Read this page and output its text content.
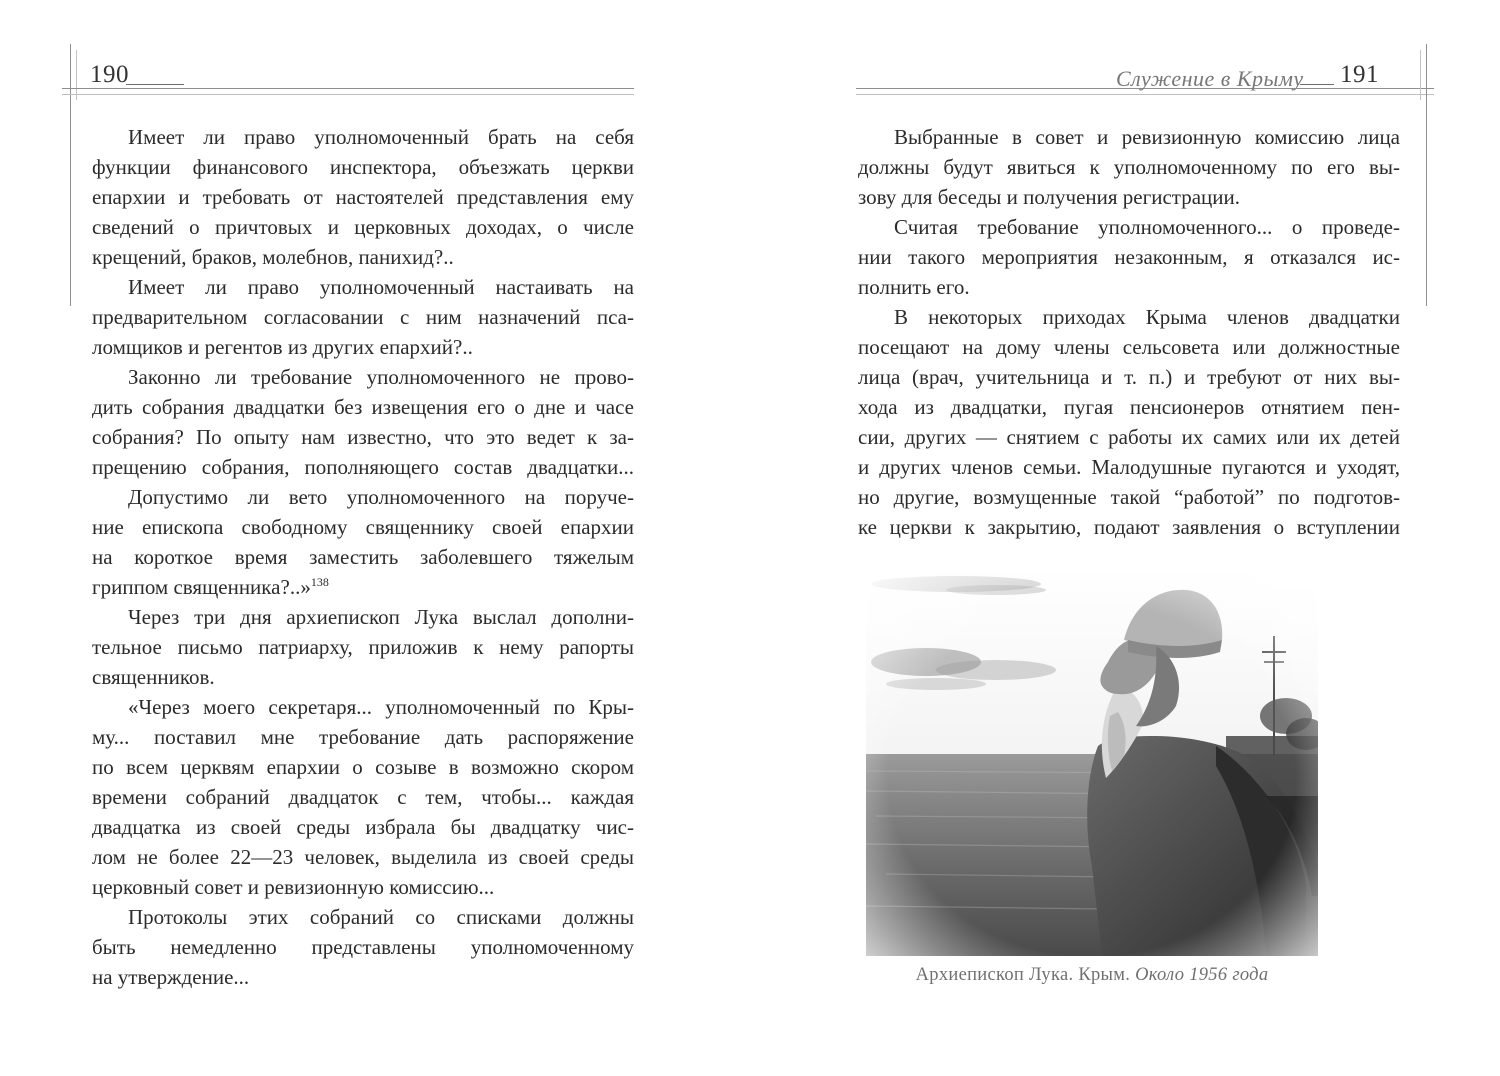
190	Служение в Крыму 191
Имеет ли право уполномоченный брать на себя
функции финансового инспектора, объезжать церкви
епархии и требовать от настоятелей представления ему
сведений о причтовых и церковных доходах, о числе
крещений, браков, молебнов, панихид?..
Имеет ли право уполномоченный настаивать на
предварительном согласовании с ним назначений пса-
ломщиков и регентов из других епархий?..
Законно ли требование уполномоченного не прово-
дить собрания двадцатки без извещения его о дне и часе
собрания? По опыту нам известно, что это ведет к за-
прещению собрания, пополняющего состав двадцатки...
Допустимо ли вето уполномоченного на поруче-
ние епископа свободному священнику своей епархии
на короткое время заместить заболевшего тяжелым
гриппом священника?..»$^{138}$
Через три дня архиепископ Лука выслал дополни-
тельное письмо патриарху, приложив к нему рапорты
священников.
«Через моего секретаря... уполномоченный по Кры-
му... поставил мне требование дать распоряжение
по всем церквям епархии о созыве в возможно скором
времени собраний двадцаток с тем, чтобы... каждая
двадцатка из своей среды избрала бы двадцатку чис-
лом не более 22—23 человек, выделила из своей среды
церковный совет и ревизионную комиссию...
Протоколы этих собраний со списками должны
быть немедленно представлены уполномоченному
на утверждение...
Выбранные в совет и ревизионную комиссию лица
должны будут явиться к уполномоченному по его вы-
зову для беседы и получения регистрации.
Считая требование уполномоченного... о проведе-
нии такого мероприятия незаконным, я отказался ис-
полнить его.
В некоторых приходах Крыма членов двадцатки
посещают на дому члены сельсовета или должностные
лица (врач, учительница и т. п.) и требуют от них вы-
хода из двадцатки, пугая пенсионеров отнятием пен-
сии, других — снятием с работы их самих или их детей
и других членов семьи. Малодушные пугаются и уходят,
но другие, возмущенные такой “работой” по подготов-
ке церкви к закрытию, подают заявления о вступлении
Архиепископ Лука. Крым. Около 1956 года
